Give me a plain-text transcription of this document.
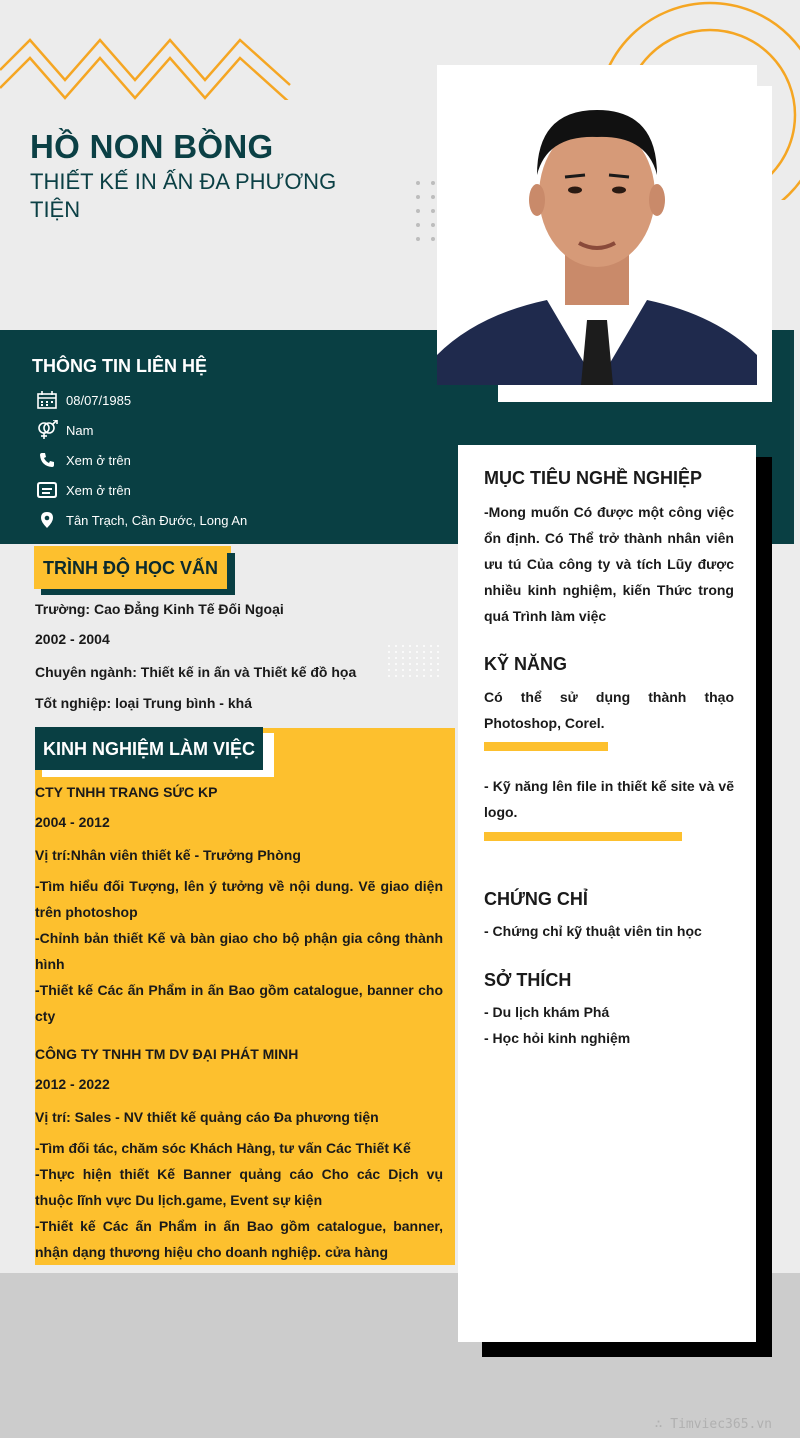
HỒ NON BỒNG
THIẾT KẾ IN ẤN ĐA PHƯƠNG TIỆN
THÔNG TIN LIÊN HỆ
08/07/1985
Nam
Xem ở trên
Xem ở trên
Tân Trạch, Cần Đước, Long An
TRÌNH ĐỘ HỌC VẤN
Trường: Cao Đẳng Kinh Tế Đối Ngoại
2002 - 2004
Chuyên ngành: Thiết kế in ấn và Thiết kế đồ họa
Tốt nghiệp: loại Trung bình - khá
KINH NGHIỆM LÀM VIỆC
CTY TNHH TRANG SỨC KP
2004 - 2012
Vị trí:Nhân viên thiết kế - Trưởng Phòng
-Tìm hiểu đối Tượng, lên ý tưởng về nội dung. Vẽ giao diện trên photoshop
-Chỉnh bản thiết Kế và bàn giao cho bộ phận gia công thành hình
-Thiết kế Các ấn Phẩm in ấn Bao gồm catalogue, banner cho cty
CÔNG TY TNHH TM DV ĐẠI PHÁT MINH
2012 - 2022
Vị trí: Sales - NV thiết kế quảng cáo Đa phương tiện
-Tìm đối tác, chăm sóc Khách Hàng, tư vấn Các Thiết Kế
-Thực hiện thiết Kế Banner quảng cáo Cho các Dịch vụ thuộc lĩnh vực Du lịch.game, Event sự kiện
-Thiết kế Các ấn Phẩm in ấn Bao gồm catalogue, banner, nhận dạng thương hiệu cho doanh nghiệp. cửa hàng
MỤC TIÊU NGHỀ NGHIỆP
-Mong muốn Có được một công việc ổn định. Có Thể trở thành nhân viên ưu tú Của công ty và tích Lũy được nhiều kinh nghiệm, kiến Thức trong quá Trình làm việc
KỸ NĂNG
Có thể sử dụng thành thạo Photoshop, Corel.
- Kỹ năng lên file in thiết kế site và vẽ logo.
CHỨNG CHỈ
- Chứng chỉ kỹ thuật viên tin học
SỞ THÍCH
- Du lịch khám Phá
- Học hỏi kinh nghiệm
∴ Timviec365.vn
